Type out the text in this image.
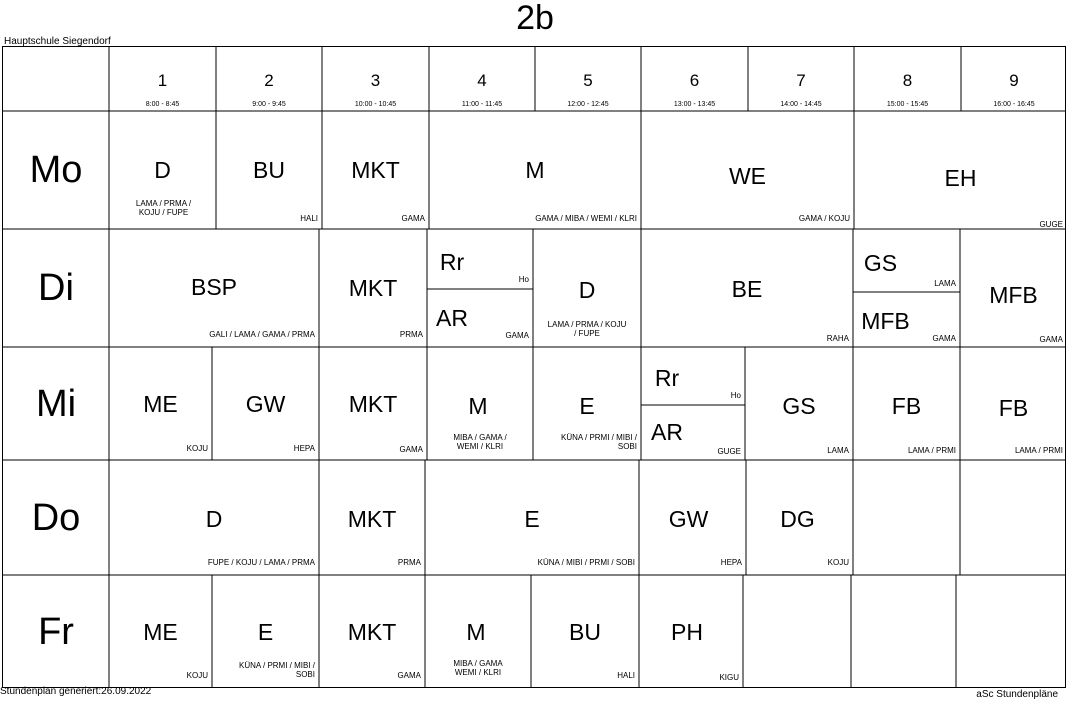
2b
Hauptschule Siegendorf
1
8:00 - 8:45
2
9:00 - 9:45
3
10:00 - 10:45
4
11:00 - 11:45
5
12:00 - 12:45
6
13:00 - 13:45
7
14:00 - 14:45
8
15:00 - 15:45
9
16:00 - 16:45
Mo
Di
Mi
Do
Fr
D
LAMA / PRMA / KOJU / FUPE
BU
HALI
MKT
GAMA
M
GAMA / MIBA / WEMI / KLRI
WE
GAMA / KOJU
EH
GUGE
BSP
GALI / LAMA / GAMA / PRMA
MKT
PRMA
Rr
Ho
AR
GAMA
D
LAMA / PRMA / KOJU / FUPE
BE
RAHA
GS
LAMA
MFB
GAMA
MFB
GAMA
ME
KOJU
GW
HEPA
MKT
GAMA
M
MIBA / GAMA / WEMI / KLRI
E
KÜNA / PRMI / MIBI / SOBI
Rr
Ho
AR
GUGE
GS
LAMA
FB
LAMA / PRMI
FB
LAMA / PRMI
D
FUPE / KOJU / LAMA / PRMA
MKT
PRMA
E
KÜNA / MIBI / PRMI / SOBI
GW
HEPA
DG
KOJU
ME
KOJU
E
KÜNA / PRMI / MIBI / SOBI
MKT
GAMA
M
MIBA / GAMA WEMI / KLRI
BU
HALI
PH
KIGU
Stundenplan generiert:26.09.2022	aSc Stundenpläne
